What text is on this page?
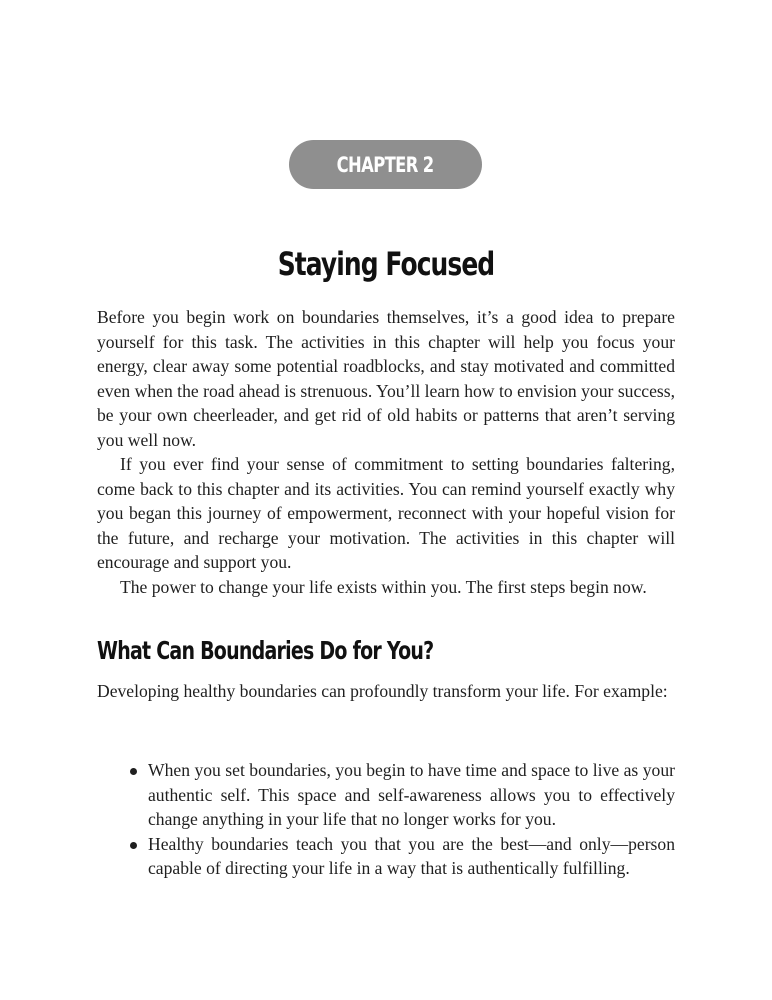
CHAPTER 2
Staying Focused

Before you begin work on boundaries themselves, it’s a good idea to prepare yourself for this task. The activities in this chapter will help you focus your energy, clear away some potential roadblocks, and stay motivated and committed even when the road ahead is strenuous. You’ll learn how to envision your success, be your own cheerleader, and get rid of old habits or patterns that aren’t serving you well now.

If you ever find your sense of commitment to setting boundaries faltering, come back to this chapter and its activities. You can remind yourself exactly why you began this journey of empowerment, reconnect with your hopeful vision for the future, and recharge your motivation. The activities in this chapter will encourage and support you.

The power to change your life exists within you. The first steps begin now.

What Can Boundaries Do for You?

Developing healthy boundaries can profoundly transform your life. For example:

When you set boundaries, you begin to have time and space to live as your authentic self. This space and self-awareness allows you to effectively change anything in your life that no longer works for you.
Healthy boundaries teach you that you are the best—and only—person capable of directing your life in a way that is authentically fulfilling.
